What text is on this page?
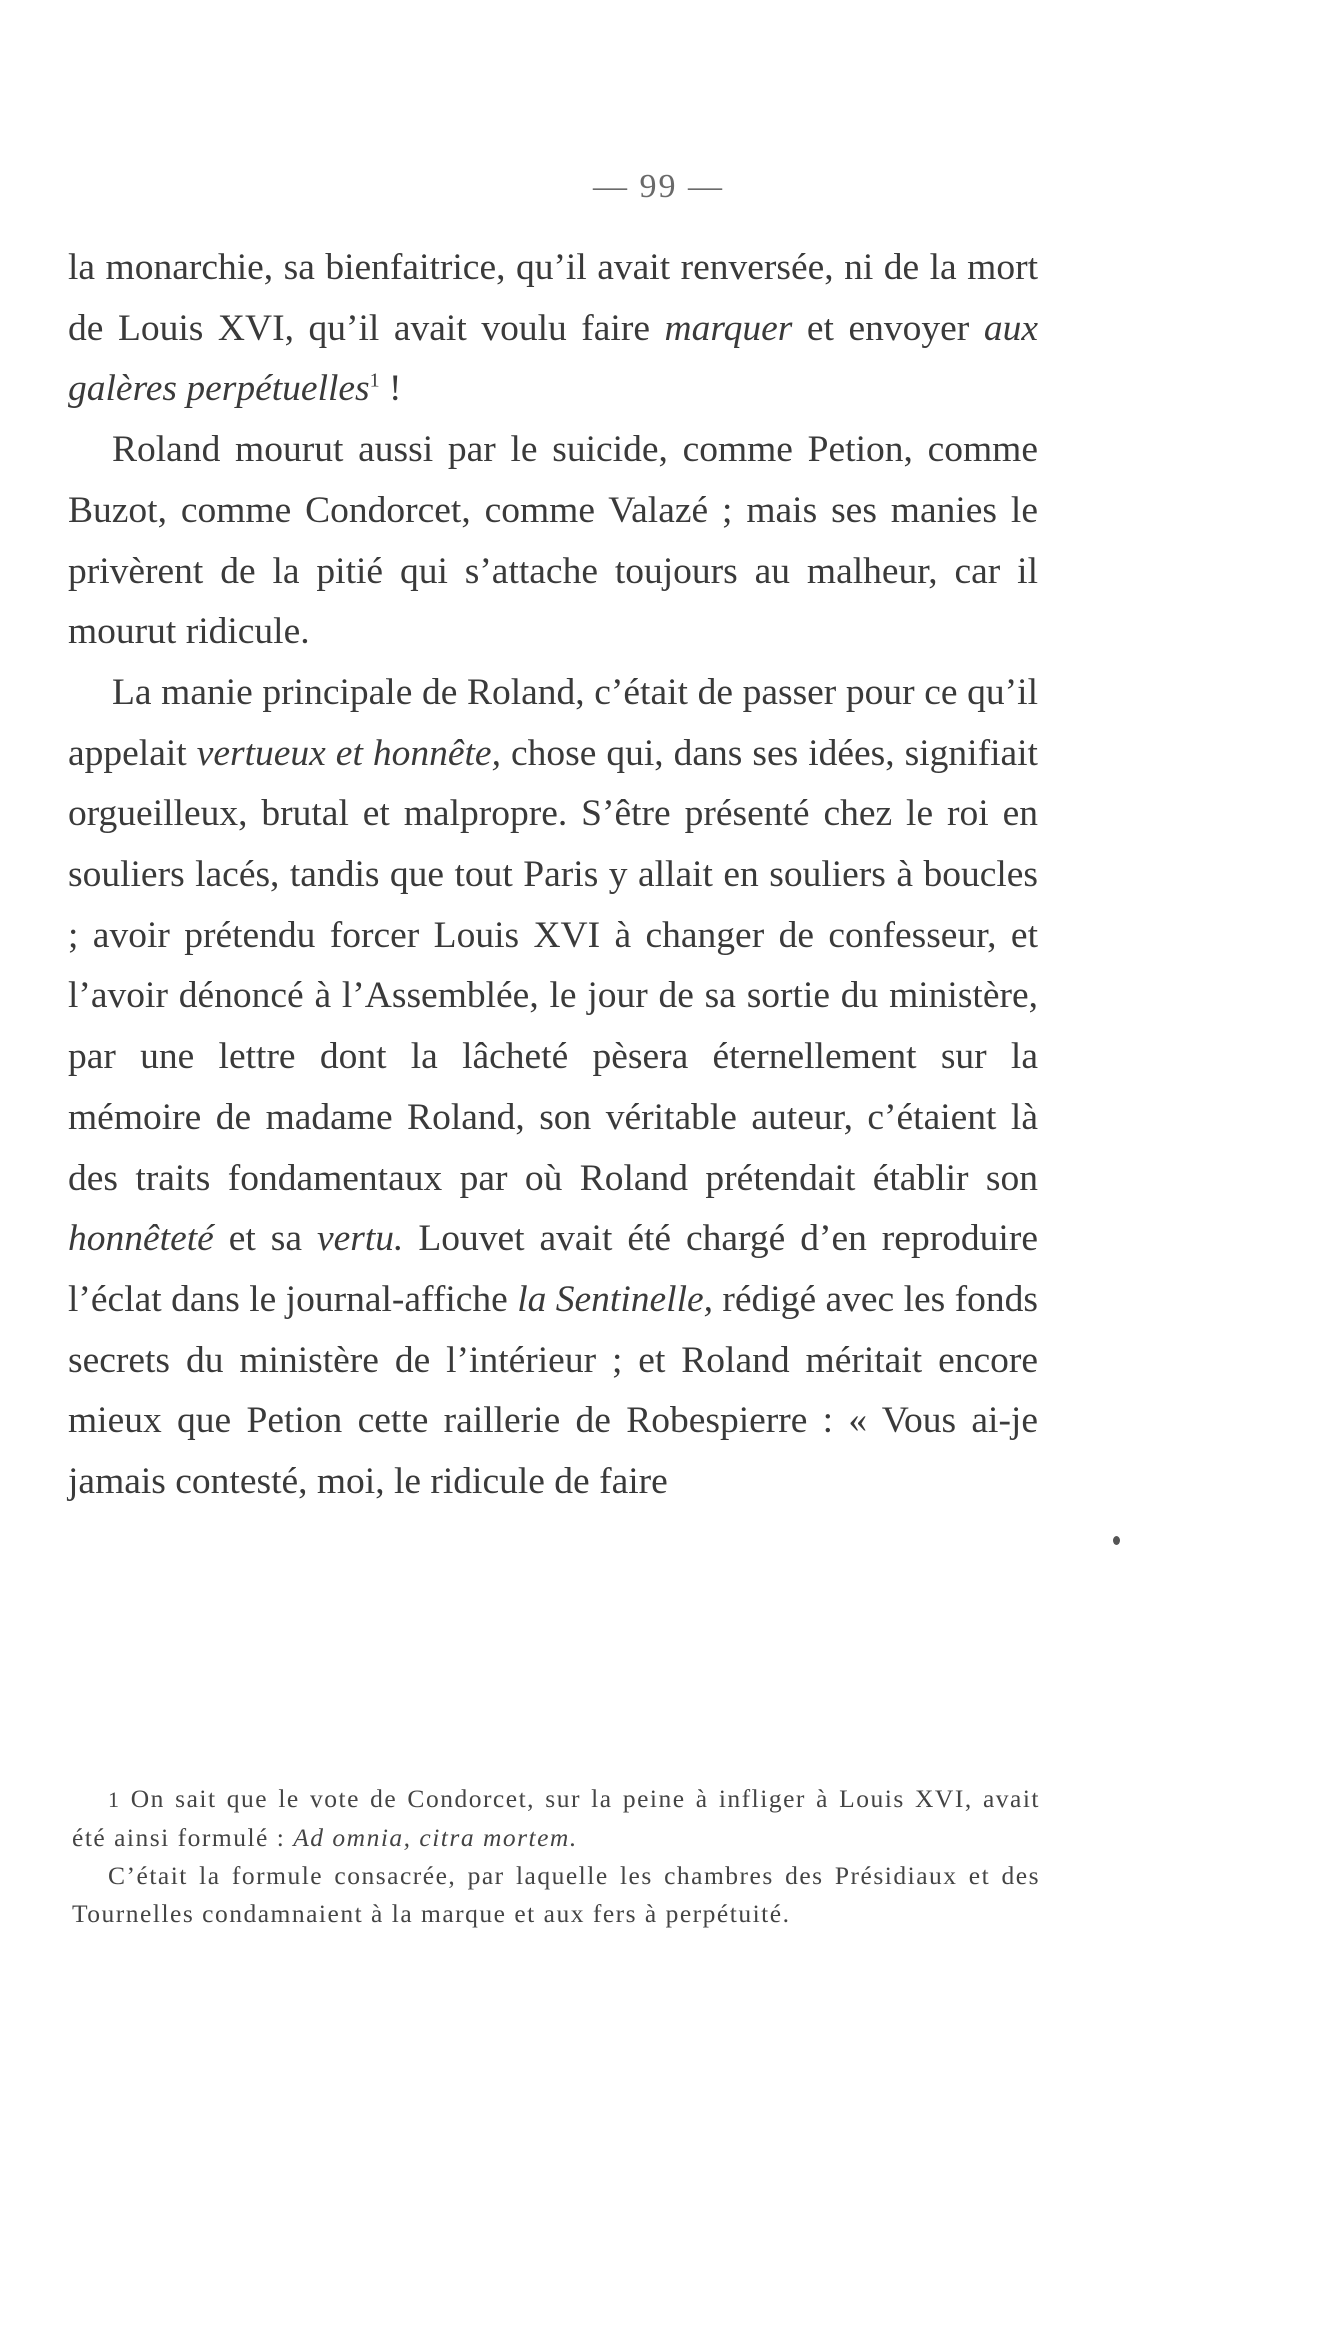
— 99 —

la monarchie, sa bienfaitrice, qu’il avait renversée, ni de la mort de Louis XVI, qu’il avait voulu faire marquer et envoyer aux galères perpétuelles$^1$ !

Roland mourut aussi par le suicide, comme Petion, comme Buzot, comme Condorcet, comme Valazé ; mais ses manies le privèrent de la pitié qui s’attache toujours au malheur, car il mourut ridicule.

La manie principale de Roland, c’était de passer pour ce qu’il appelait vertueux et honnête, chose qui, dans ses idées, signifiait orgueilleux, brutal et malpropre. S’être présenté chez le roi en souliers lacés, tandis que tout Paris y allait en souliers à boucles ; avoir prétendu forcer Louis XVI à changer de confesseur, et l’avoir dénoncé à l’Assemblée, le jour de sa sortie du ministère, par une lettre dont la lâcheté pèsera éternellement sur la mémoire de madame Roland, son véritable auteur, c’étaient là des traits fondamentaux par où Roland prétendait établir son honnêteté et sa vertu. Louvet avait été chargé d’en reproduire l’éclat dans le journal-affiche la Sentinelle, rédigé avec les fonds secrets du ministère de l’intérieur ; et Roland méritait encore mieux que Petion cette raillerie de Robespierre : « Vous ai-je jamais contesté, moi, le ridicule de faire

1 On sait que le vote de Condorcet, sur la peine à infliger à Louis XVI, avait été ainsi formulé : Ad omnia, citra mortem.

C’était la formule consacrée, par laquelle les chambres des Présidiaux et des Tournelles condamnaient à la marque et aux fers à perpétuité.
